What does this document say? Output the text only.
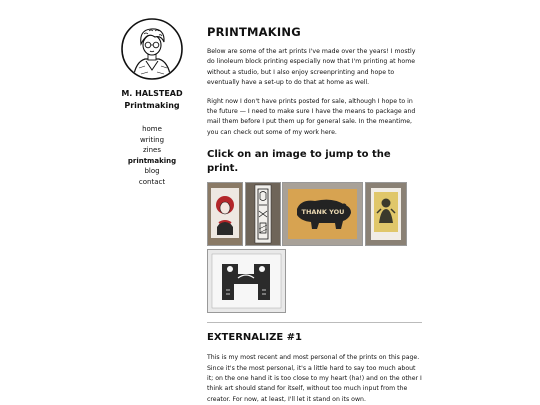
M. HALSTEAD
Printmaking
home
writing
zines
printmaking
blog
contact
PRINTMAKING

Below are some of the art prints I've made over the years! I mostly do linoleum block printing especially now that I'm printing at home without a studio, but I also enjoy screenprinting and hope to eventually have a set-up to do that at home as well.

Right now I don't have prints posted for sale, although I hope to in the future — I need to make sure I have the means to package and mail them before I put them up for general sale. In the meantime, you can check out some of my work here.

Click on an image to jump to the print.
THANK YOU
EXTERNALIZE #1

This is my most recent and most personal of the prints on this page. Since it's the most personal, it's a little hard to say too much about it; on the one hand it is too close to my heart (ha!) and on the other I think art should stand for itself, without too much input from the creator. For now, at least, I'll let it stand on its own.
